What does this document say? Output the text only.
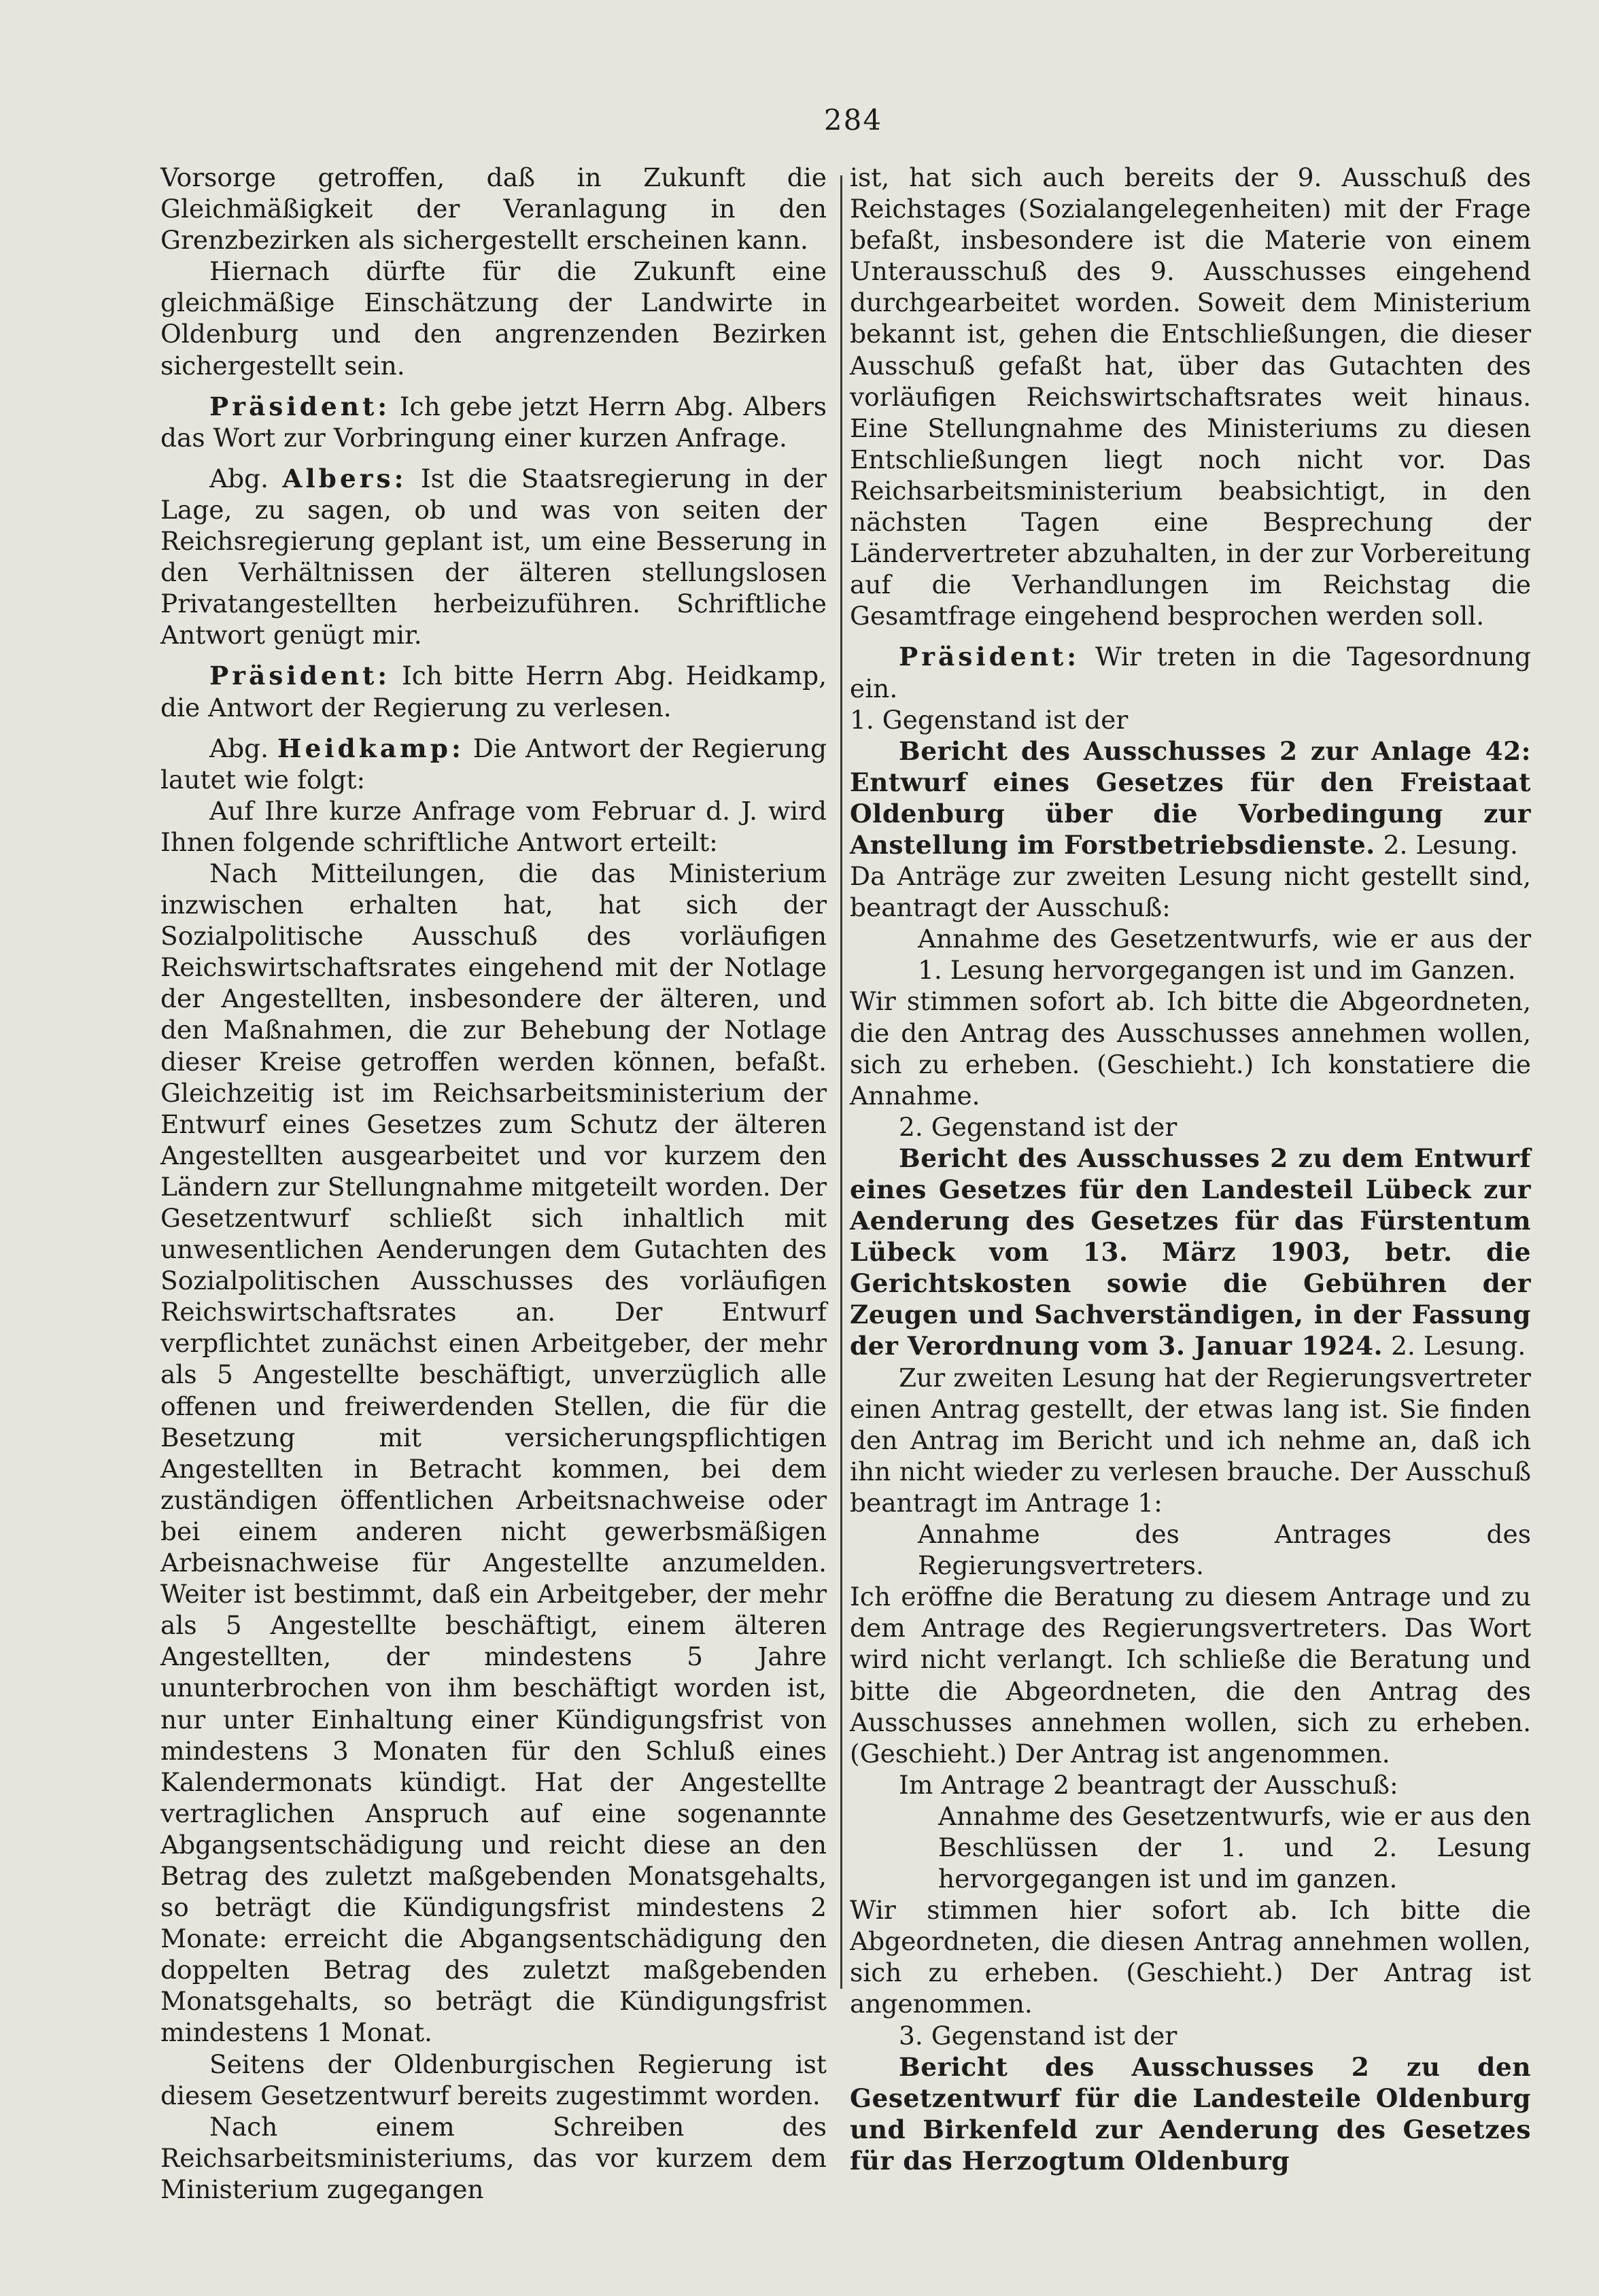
284

Vorsorge getroffen, daß in Zukunft die Gleichmäßigkeit der Veranlagung in den Grenzbezirken als sichergestellt erscheinen kann.

Hiernach dürfte für die Zukunft eine gleichmäßige Einschätzung der Landwirte in Oldenburg und den angrenzenden Bezirken sichergestellt sein.

Präsident: Ich gebe jetzt Herrn Abg. Albers das Wort zur Vorbringung einer kurzen Anfrage.

Abg. Albers: Ist die Staatsregierung in der Lage, zu sagen, ob und was von seiten der Reichsregierung geplant ist, um eine Besserung in den Verhältnissen der älteren stellungslosen Privatangestellten herbeizuführen. Schriftliche Antwort genügt mir.

Präsident: Ich bitte Herrn Abg. Heidkamp, die Antwort der Regierung zu verlesen.

Abg. Heidkamp: Die Antwort der Regierung lautet wie folgt:

Auf Ihre kurze Anfrage vom Februar d. J. wird Ihnen folgende schriftliche Antwort erteilt:

Nach Mitteilungen, die das Ministerium inzwischen erhalten hat, hat sich der Sozialpolitische Ausschuß des vorläufigen Reichswirtschaftsrates eingehend mit der Notlage der Angestellten, insbesondere der älteren, und den Maßnahmen, die zur Behebung der Notlage dieser Kreise getroffen werden können, befaßt. Gleichzeitig ist im Reichsarbeitsministerium der Entwurf eines Gesetzes zum Schutz der älteren Angestellten ausgearbeitet und vor kurzem den Ländern zur Stellungnahme mitgeteilt worden. Der Gesetzentwurf schließt sich inhaltlich mit unwesentlichen Aenderungen dem Gutachten des Sozialpolitischen Ausschusses des vorläufigen Reichswirtschaftsrates an. Der Entwurf verpflichtet zunächst einen Arbeitgeber, der mehr als 5 Angestellte beschäftigt, unverzüglich alle offenen und freiwerdenden Stellen, die für die Besetzung mit versicherungspflichtigen Angestellten in Betracht kommen, bei dem zuständigen öffentlichen Arbeitsnachweise oder bei einem anderen nicht gewerbsmäßigen Arbeisnachweise für Angestellte anzumelden. Weiter ist bestimmt, daß ein Arbeitgeber, der mehr als 5 Angestellte beschäftigt, einem älteren Angestellten, der mindestens 5 Jahre ununterbrochen von ihm beschäftigt worden ist, nur unter Einhaltung einer Kündigungsfrist von mindestens 3 Monaten für den Schluß eines Kalendermonats kündigt. Hat der Angestellte vertraglichen Anspruch auf eine sogenannte Abgangsentschädigung und reicht diese an den Betrag des zuletzt maßgebenden Monatsgehalts, so beträgt die Kündigungsfrist mindestens 2 Monate: erreicht die Abgangsentschädigung den doppelten Betrag des zuletzt maßgebenden Monatsgehalts, so beträgt die Kündigungsfrist mindestens 1 Monat.

Seitens der Oldenburgischen Regierung ist diesem Gesetzentwurf bereits zugestimmt worden.

Nach einem Schreiben des Reichsarbeitsministeriums, das vor kurzem dem Ministerium zugegangen

ist, hat sich auch bereits der 9. Ausschuß des Reichstages (Sozialangelegenheiten) mit der Frage befaßt, insbesondere ist die Materie von einem Unterausschuß des 9. Ausschusses eingehend durchgearbeitet worden. Soweit dem Ministerium bekannt ist, gehen die Entschließungen, die dieser Ausschuß gefaßt hat, über das Gutachten des vorläufigen Reichswirtschaftsrates weit hinaus. Eine Stellungnahme des Ministeriums zu diesen Entschließungen liegt noch nicht vor. Das Reichsarbeitsministerium beabsichtigt, in den nächsten Tagen eine Besprechung der Ländervertreter abzuhalten, in der zur Vorbereitung auf die Verhandlungen im Reichstag die Gesamtfrage eingehend besprochen werden soll.

Präsident: Wir treten in die Tagesordnung ein.

1. Gegenstand ist der

Bericht des Ausschusses 2 zur Anlage 42: Entwurf eines Gesetzes für den Freistaat Oldenburg über die Vorbedingung zur Anstellung im Forstbetriebsdienste. 2. Lesung.

Da Anträge zur zweiten Lesung nicht gestellt sind, beantragt der Ausschuß:

Annahme des Gesetzentwurfs, wie er aus der 1. Lesung hervorgegangen ist und im Ganzen.

Wir stimmen sofort ab. Ich bitte die Abgeordneten, die den Antrag des Ausschusses annehmen wollen, sich zu erheben. (Geschieht.) Ich konstatiere die Annahme.

2. Gegenstand ist der

Bericht des Ausschusses 2 zu dem Entwurf eines Gesetzes für den Landesteil Lübeck zur Aenderung des Gesetzes für das Fürstentum Lübeck vom 13. März 1903, betr. die Gerichtskosten sowie die Gebühren der Zeugen und Sachverständigen, in der Fassung der Verordnung vom 3. Januar 1924. 2. Lesung.

Zur zweiten Lesung hat der Regierungsvertreter einen Antrag gestellt, der etwas lang ist. Sie finden den Antrag im Bericht und ich nehme an, daß ich ihn nicht wieder zu verlesen brauche. Der Ausschuß beantragt im Antrage 1:

Annahme des Antrages des Regierungsvertreters.

Ich eröffne die Beratung zu diesem Antrage und zu dem Antrage des Regierungsvertreters. Das Wort wird nicht verlangt. Ich schließe die Beratung und bitte die Abgeordneten, die den Antrag des Ausschusses annehmen wollen, sich zu erheben. (Geschieht.) Der Antrag ist angenommen.

Im Antrage 2 beantragt der Ausschuß:

Annahme des Gesetzentwurfs, wie er aus den Beschlüssen der 1. und 2. Lesung hervorgegangen ist und im ganzen.

Wir stimmen hier sofort ab. Ich bitte die Abgeordneten, die diesen Antrag annehmen wollen, sich zu erheben. (Geschieht.) Der Antrag ist angenommen.

3. Gegenstand ist der

Bericht des Ausschusses 2 zu den Gesetzentwurf für die Landesteile Oldenburg und Birkenfeld zur Aenderung des Gesetzes für das Herzogtum Oldenburg
